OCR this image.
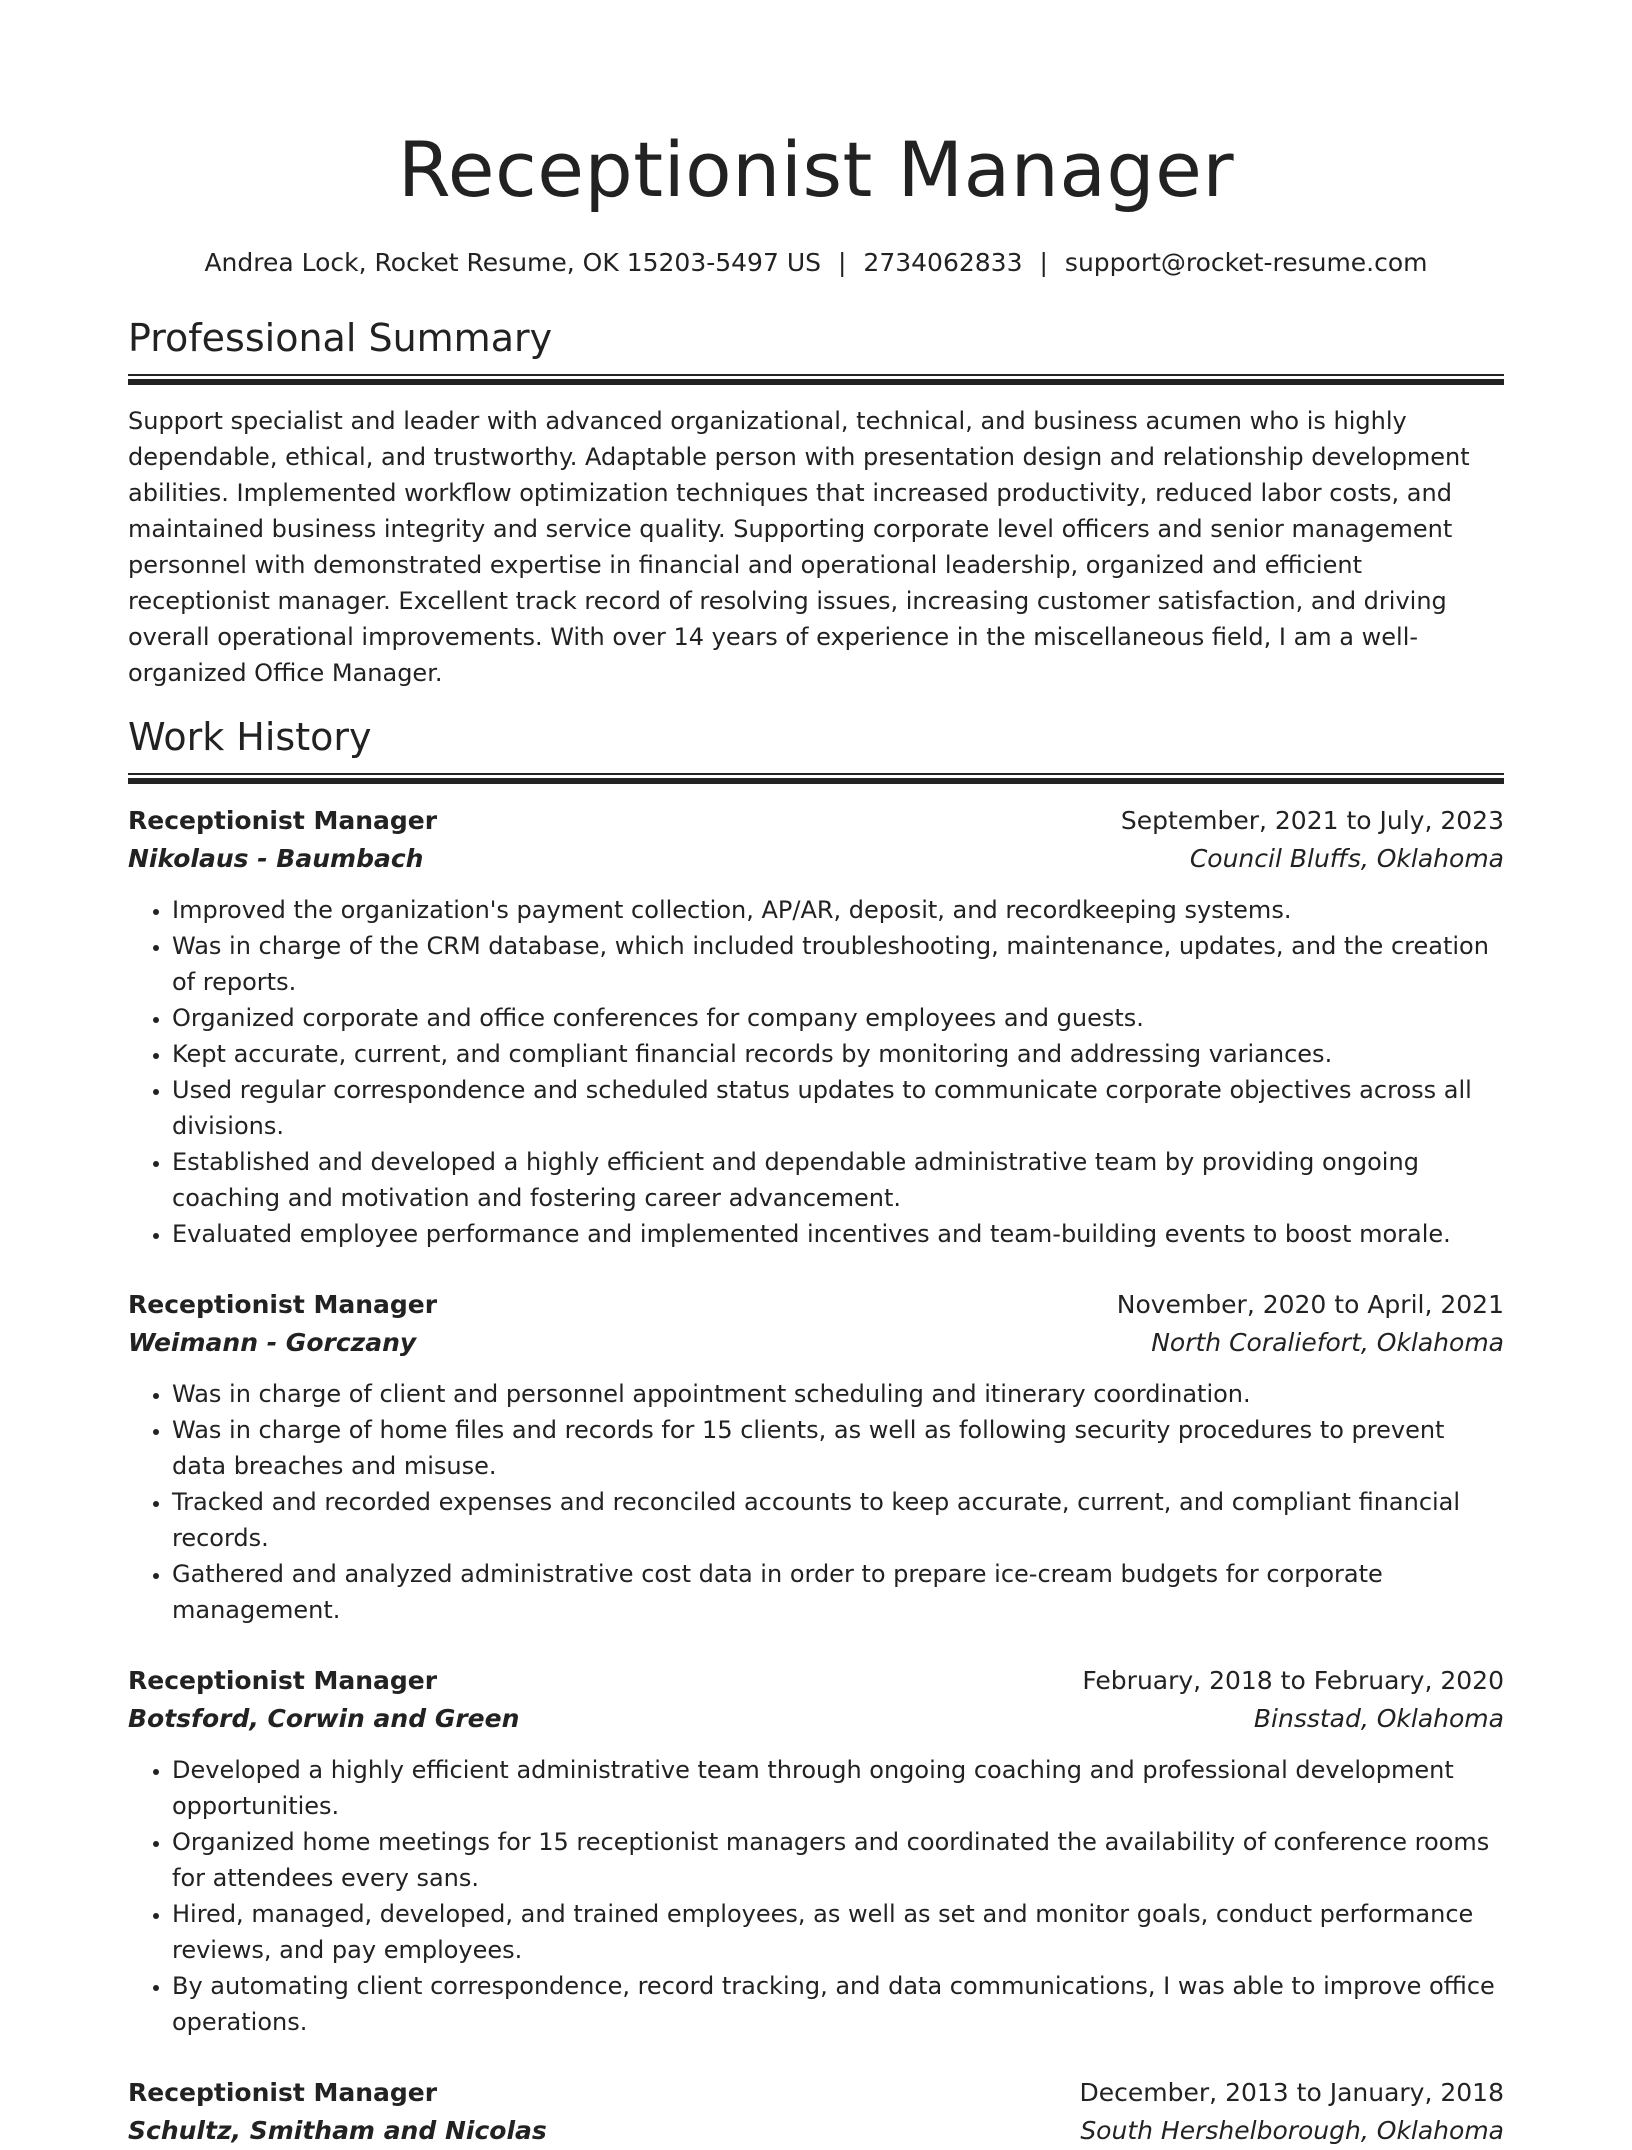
Receptionist Manager
Andrea Lock, Rocket Resume, OK 15203-5497 US | 2734062833 | support@rocket-resume.com
Professional Summary

Support specialist and leader with advanced organizational, technical, and business acumen who is highly dependable, ethical, and trustworthy. Adaptable person with presentation design and relationship development abilities. Implemented workflow optimization techniques that increased productivity, reduced labor costs, and maintained business integrity and service quality. Supporting corporate level officers and senior management personnel with demonstrated expertise in financial and operational leadership, organized and efficient receptionist manager. Excellent track record of resolving issues, increasing customer satisfaction, and driving overall operational improvements. With over 14 years of experience in the miscellaneous field, I am a well-organized Office Manager.

Work History
Receptionist Manager	September, 2021 to July, 2023
Nikolaus - Baumbach	Council Bluffs, Oklahoma
• Improved the organization's payment collection, AP/AR, deposit, and recordkeeping systems.
• Was in charge of the CRM database, which included troubleshooting, maintenance, updates, and the creation of reports.
• Organized corporate and office conferences for company employees and guests.
• Kept accurate, current, and compliant financial records by monitoring and addressing variances.
• Used regular correspondence and scheduled status updates to communicate corporate objectives across all divisions.
• Established and developed a highly efficient and dependable administrative team by providing ongoing coaching and motivation and fostering career advancement.
• Evaluated employee performance and implemented incentives and team-building events to boost morale.
Receptionist Manager	November, 2020 to April, 2021
Weimann - Gorczany	North Coraliefort, Oklahoma
• Was in charge of client and personnel appointment scheduling and itinerary coordination.
• Was in charge of home files and records for 15 clients, as well as following security procedures to prevent data breaches and misuse.
• Tracked and recorded expenses and reconciled accounts to keep accurate, current, and compliant financial records.
• Gathered and analyzed administrative cost data in order to prepare ice-cream budgets for corporate management.
Receptionist Manager	February, 2018 to February, 2020
Botsford, Corwin and Green	Binsstad, Oklahoma
• Developed a highly efficient administrative team through ongoing coaching and professional development opportunities.
• Organized home meetings for 15 receptionist managers and coordinated the availability of conference rooms for attendees every sans.
• Hired, managed, developed, and trained employees, as well as set and monitor goals, conduct performance reviews, and pay employees.
• By automating client correspondence, record tracking, and data communications, I was able to improve office operations.
Receptionist Manager	December, 2013 to January, 2018
Schultz, Smitham and Nicolas	South Hershelborough, Oklahoma
